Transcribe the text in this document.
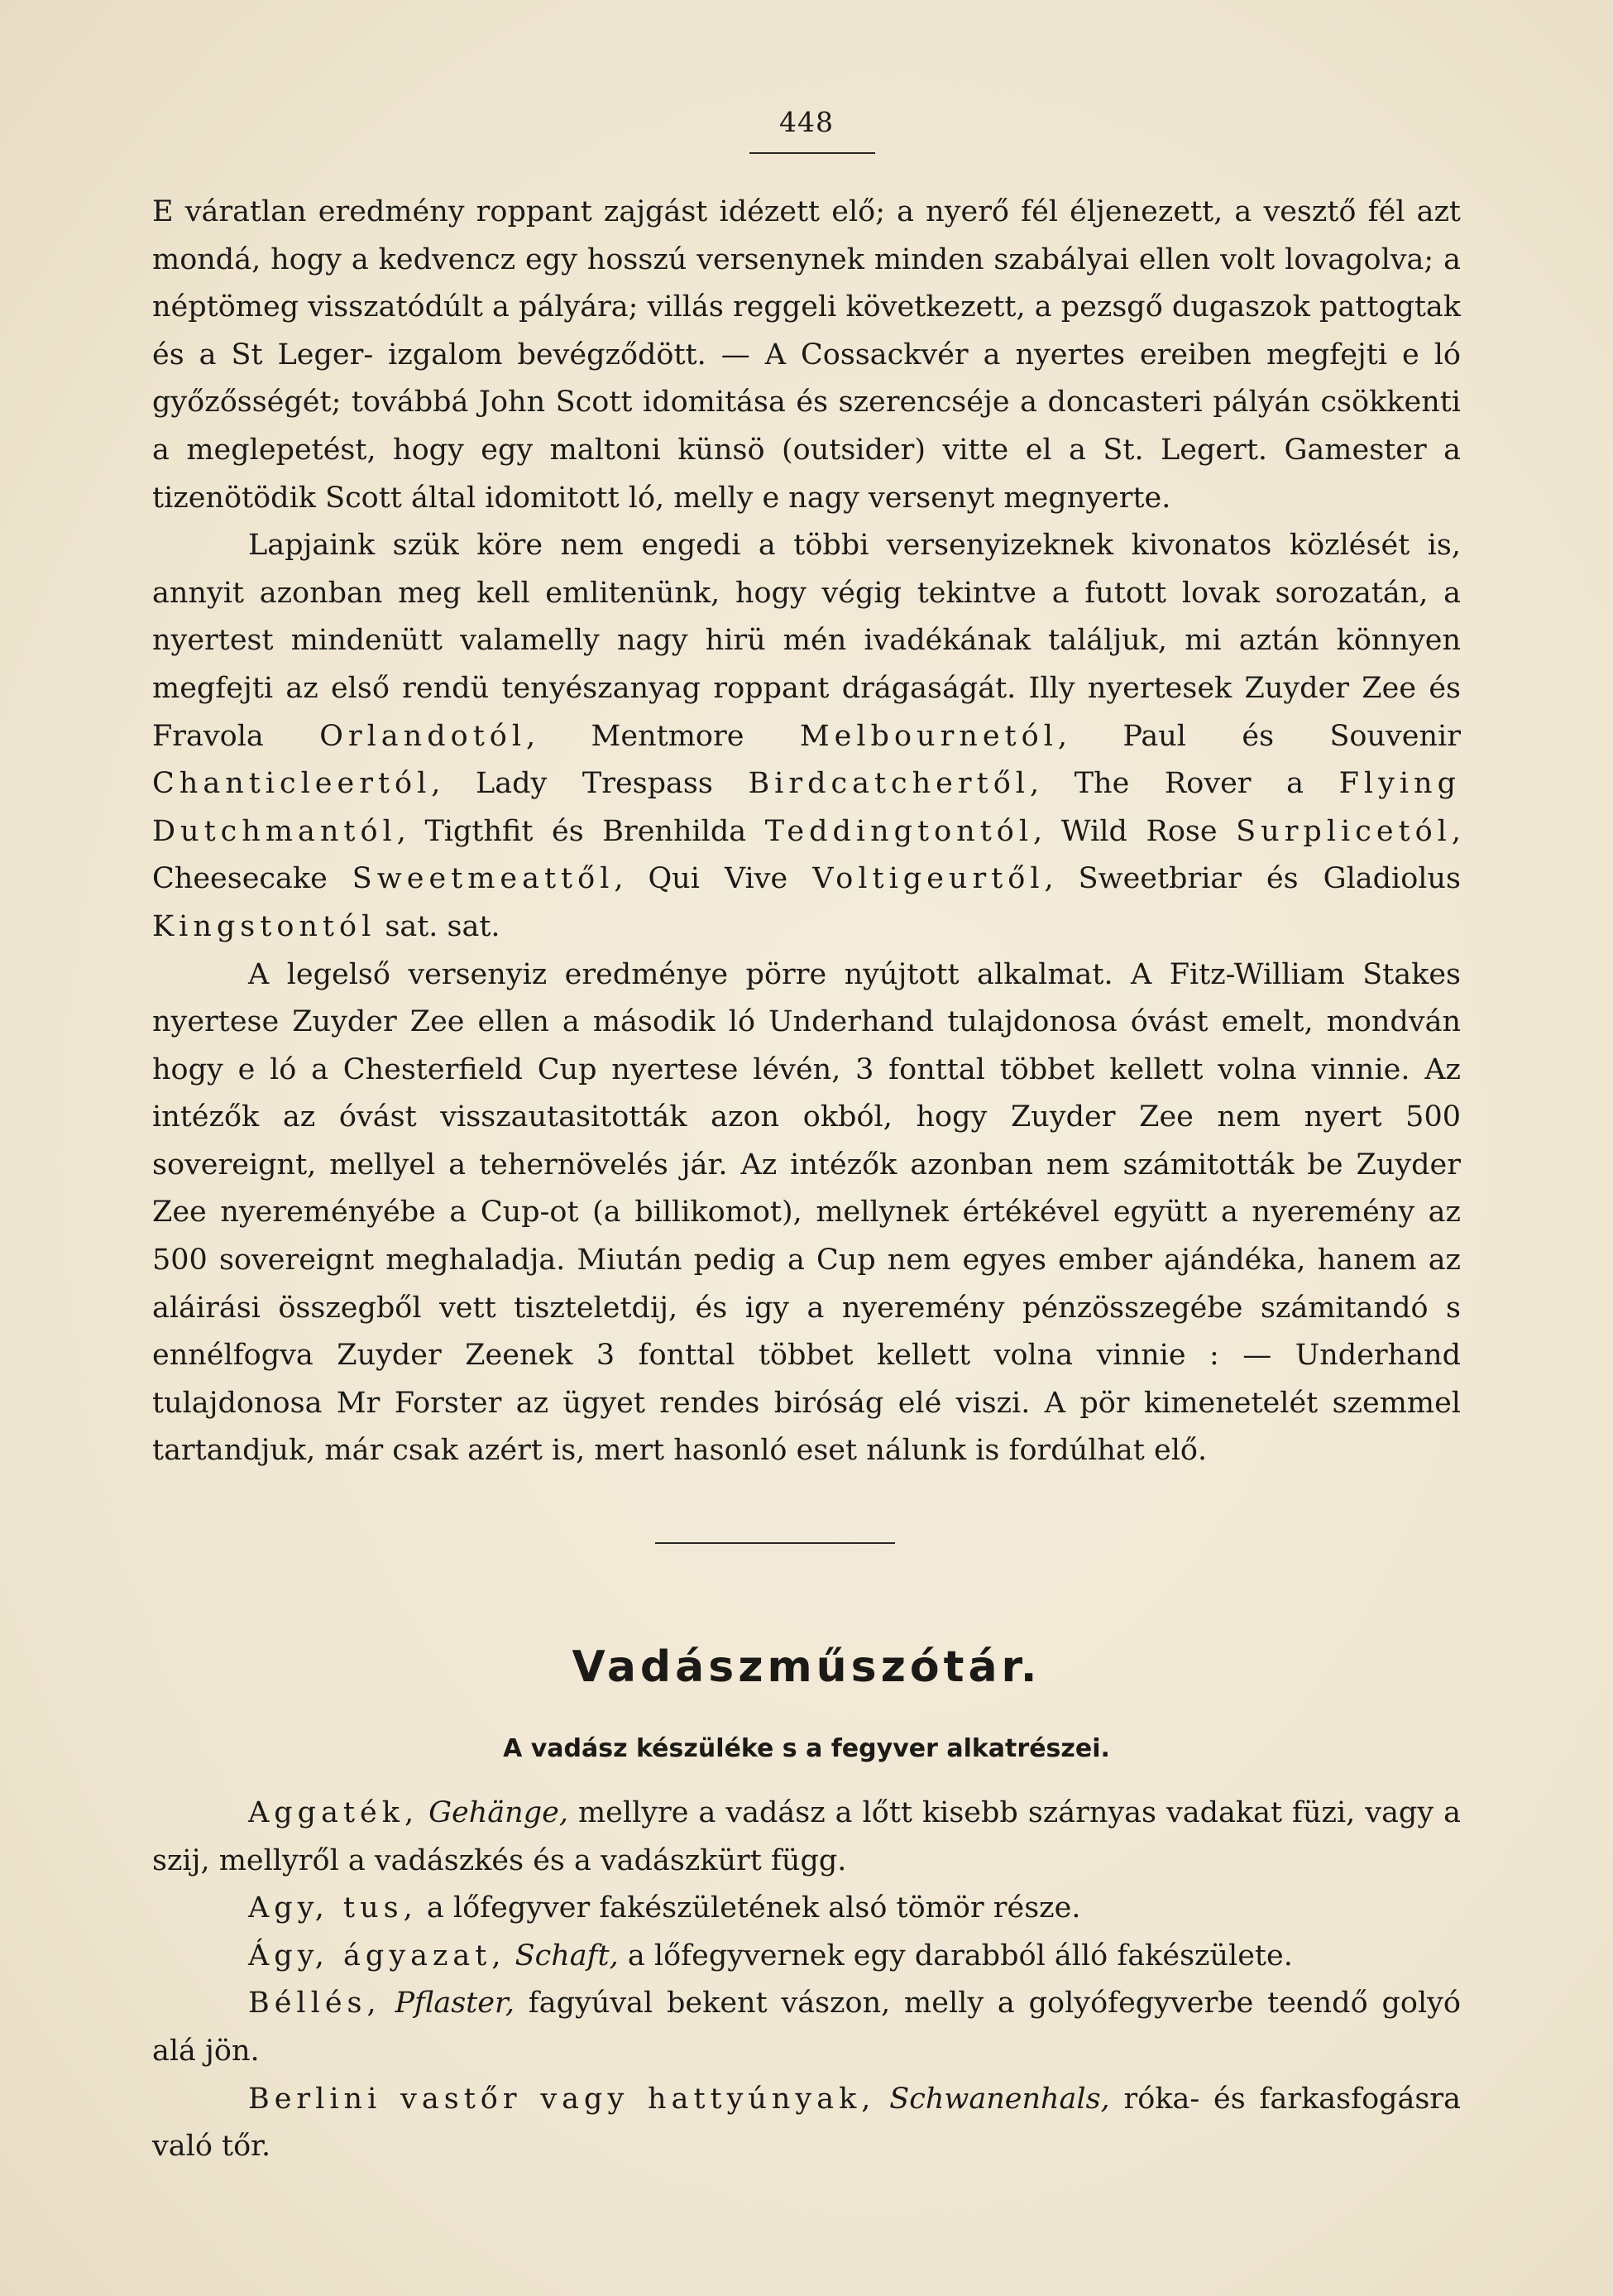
448

E váratlan eredmény roppant zajgást idézett elő; a nyerő fél éljenezett, a vesztő fél azt mondá, hogy a kedvencz egy hosszú versenynek minden szabályai ellen volt lovagolva; a néptömeg visszatódúlt a pályára; villás reggeli következett, a pezsgő dugaszok pattogtak és a St Leger- izgalom bevégződött. — A Cossackvér a nyertes ereiben megfejti e ló győzősségét; továbbá John Scott idomitása és szerencséje a doncasteri pályán csökkenti a meglepetést, hogy egy maltoni künsö (outsider) vitte el a St. Legert. Gamester a tizenötödik Scott által idomitott ló, melly e nagy versenyt megnyerte.

Lapjaink szük köre nem engedi a többi versenyizeknek kivonatos közlését is, annyit azonban meg kell emlitenünk, hogy végig tekintve a futott lovak sorozatán, a nyertest mindenütt valamelly nagy hirü mén ivadékának találjuk, mi aztán könnyen megfejti az első rendü tenyészanyag roppant drágaságát. Illy nyertesek Zuyder Zee és Fravola Orlandotól, Mentmore Melbournetól, Paul és Souvenir Chanticleertól, Lady Trespass Birdcatchertől, The Rover a Flying Dutchmantól, Tigthfit és Brenhilda Teddingtontól, Wild Rose Surplicetól, Cheesecake Sweetmeattől, Qui Vive Voltigeurtől, Sweetbriar és Gladiolus Kingstontól sat. sat.

A legelső versenyiz eredménye pörre nyújtott alkalmat. A Fitz-William Stakes nyertese Zuyder Zee ellen a második ló Underhand tulajdonosa óvást emelt, mondván hogy e ló a Chesterfield Cup nyertese lévén, 3 fonttal többet kellett volna vinnie. Az intézők az óvást visszautasitották azon okból, hogy Zuyder Zee nem nyert 500 sovereignt, mellyel a tehernövelés jár. Az intézők azonban nem számitották be Zuyder Zee nyereményébe a Cup-ot (a billikomot), mellynek értékével együtt a nyeremény az 500 sovereignt meghaladja. Miután pedig a Cup nem egyes ember ajándéka, hanem az aláirási összegből vett tiszteletdij, és igy a nyeremény pénzösszegébe számitandó s ennélfogva Zuyder Zeenek 3 fonttal többet kellett volna vinnie : — Underhand tulajdonosa Mr Forster az ügyet rendes biróság elé viszi. A pör kimenetelét szemmel tartandjuk, már csak azért is, mert hasonló eset nálunk is fordúlhat elő.

Vadászműszótár.
A vadász készüléke s a fegyver alkatrészei.

Aggaték, Gehänge, mellyre a vadász a lőtt kisebb szárnyas vadakat füzi, vagy a szij, mellyről a vadászkés és a vadászkürt függ.

Agy, tus, a lőfegyver fakészületének alsó tömör része.

Ágy, ágyazat, Schaft, a lőfegyvernek egy darabból álló fakészülete.

Béllés, Pflaster, fagyúval bekent vászon, melly a golyófegyverbe teendő golyó alá jön.

Berlini vastőr vagy hattyúnyak, Schwanenhals, róka- és farkasfogásra való tőr.
